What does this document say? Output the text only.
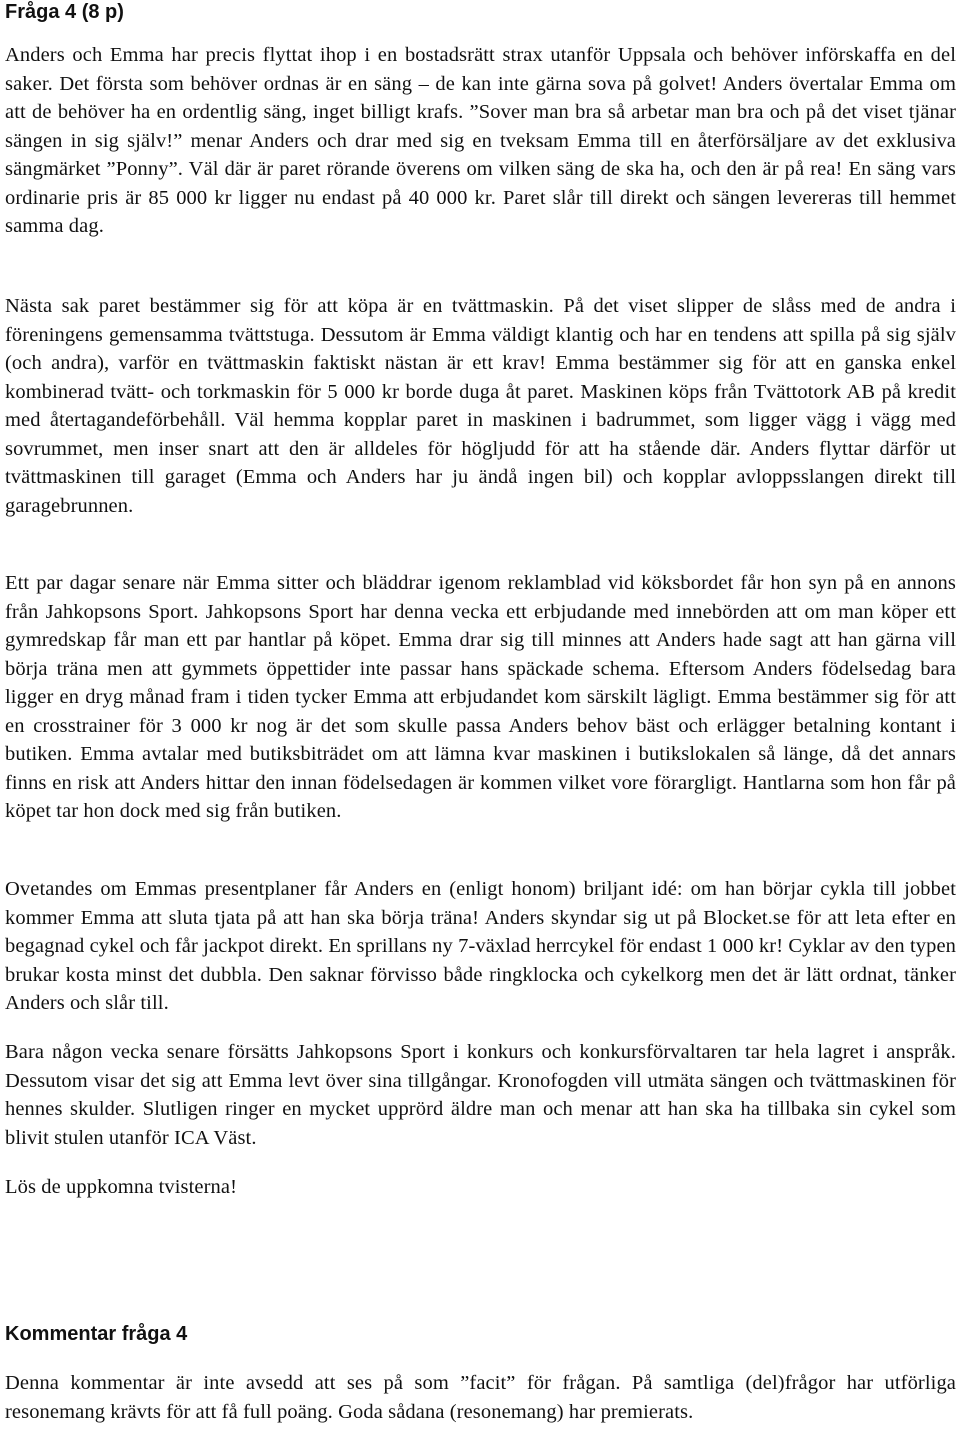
Fråga 4 (8 p)

Anders och Emma har precis flyttat ihop i en bostadsrätt strax utanför Uppsala och behöver införskaffa en del saker. Det första som behöver ordnas är en säng – de kan inte gärna sova på golvet! Anders övertalar Emma om att de behöver ha en ordentlig säng, inget billigt krafs. ”Sover man bra så arbetar man bra och på det viset tjänar sängen in sig själv!” menar Anders och drar med sig en tveksam Emma till en återförsäljare av det exklusiva sängmärket ”Ponny”. Väl där är paret rörande överens om vilken säng de ska ha, och den är på rea! En säng vars ordinarie pris är 85 000 kr ligger nu endast på 40 000 kr. Paret slår till direkt och sängen levereras till hemmet samma dag.

Nästa sak paret bestämmer sig för att köpa är en tvättmaskin. På det viset slipper de slåss med de andra i föreningens gemensamma tvättstuga. Dessutom är Emma väldigt klantig och har en tendens att spilla på sig själv (och andra), varför en tvättmaskin faktiskt nästan är ett krav! Emma bestämmer sig för att en ganska enkel kombinerad tvätt- och torkmaskin för 5 000 kr borde duga åt paret. Maskinen köps från Tvättotork AB på kredit med återtagandeförbehåll. Väl hemma kopplar paret in maskinen i badrummet, som ligger vägg i vägg med sovrummet, men inser snart att den är alldeles för högljudd för att ha stående där. Anders flyttar därför ut tvättmaskinen till garaget (Emma och Anders har ju ändå ingen bil) och kopplar avloppsslangen direkt till garagebrunnen.

Ett par dagar senare när Emma sitter och bläddrar igenom reklamblad vid köksbordet får hon syn på en annons från Jahkopsons Sport. Jahkopsons Sport har denna vecka ett erbjudande med innebörden att om man köper ett gymredskap får man ett par hantlar på köpet. Emma drar sig till minnes att Anders hade sagt att han gärna vill börja träna men att gymmets öppettider inte passar hans späckade schema. Eftersom Anders födelsedag bara ligger en dryg månad fram i tiden tycker Emma att erbjudandet kom särskilt lägligt. Emma bestämmer sig för att en crosstrainer för 3 000 kr nog är det som skulle passa Anders behov bäst och erlägger betalning kontant i butiken. Emma avtalar med butiksbiträdet om att lämna kvar maskinen i butikslokalen så länge, då det annars finns en risk att Anders hittar den innan födelsedagen är kommen vilket vore förargligt. Hantlarna som hon får på köpet tar hon dock med sig från butiken.

Ovetandes om Emmas presentplaner får Anders en (enligt honom) briljant idé: om han börjar cykla till jobbet kommer Emma att sluta tjata på att han ska börja träna! Anders skyndar sig ut på Blocket.se för att leta efter en begagnad cykel och får jackpot direkt. En sprillans ny 7-växlad herrcykel för endast 1 000 kr! Cyklar av den typen brukar kosta minst det dubbla. Den saknar förvisso både ringklocka och cykelkorg men det är lätt ordnat, tänker Anders och slår till.

Bara någon vecka senare försätts Jahkopsons Sport i konkurs och konkursförvaltaren tar hela lagret i anspråk. Dessutom visar det sig att Emma levt över sina tillgångar. Kronofogden vill utmäta sängen och tvättmaskinen för hennes skulder. Slutligen ringer en mycket upprörd äldre man och menar att han ska ha tillbaka sin cykel som blivit stulen utanför ICA Väst.

Lös de uppkomna tvisterna!

Kommentar fråga 4

Denna kommentar är inte avsedd att ses på som ”facit” för frågan. På samtliga (del)frågor har utförliga resonemang krävts för att få full poäng. Goda sådana (resonemang) har premierats.
